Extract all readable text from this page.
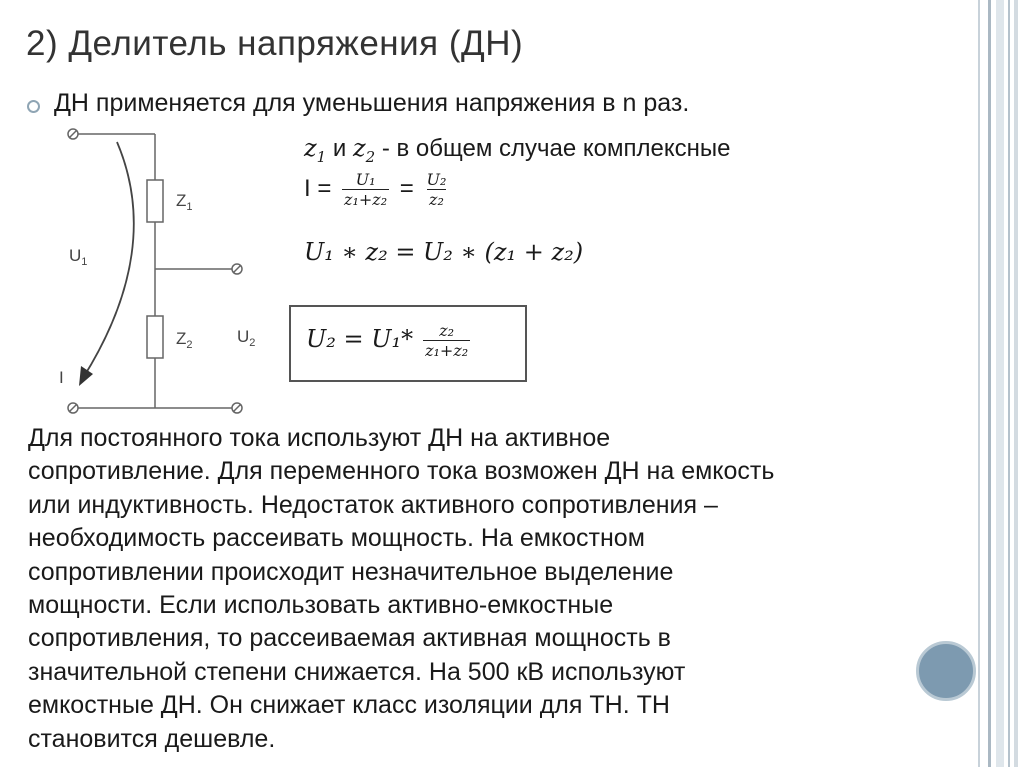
2) Делитель напряжения (ДН)
ДН применяется для уменьшения напряжения в n раз.
$Z_1$
$Z_2$
$U_1$
$U_2$
I
$z_1$ и $z_2$ - в общем случае комплексные
$I = \frac{\text{U₁}}{\text{z₁+z₂}} = \frac{\text{U₂}}{\text{z₂}}$
U₁ ∗ z₂ = U₂ ∗ (z₁ + z₂)
$U_2 = U_1* \frac{\text{z₂}}{\text{z₁+z₂}}$
Для постоянного тока используют ДН на активное
сопротивление. Для переменного тока возможен ДН на емкость
или индуктивность. Недостаток активного сопротивления –
необходимость рассеивать мощность. На емкостном
сопротивлении происходит незначительное выделение
мощности. Если использовать активно-емкостные
сопротивления, то рассеиваемая активная мощность в
значительной степени снижается. На 500 кВ используют
емкостные ДН. Он снижает класс изоляции для ТН. ТН
становится дешевле.
